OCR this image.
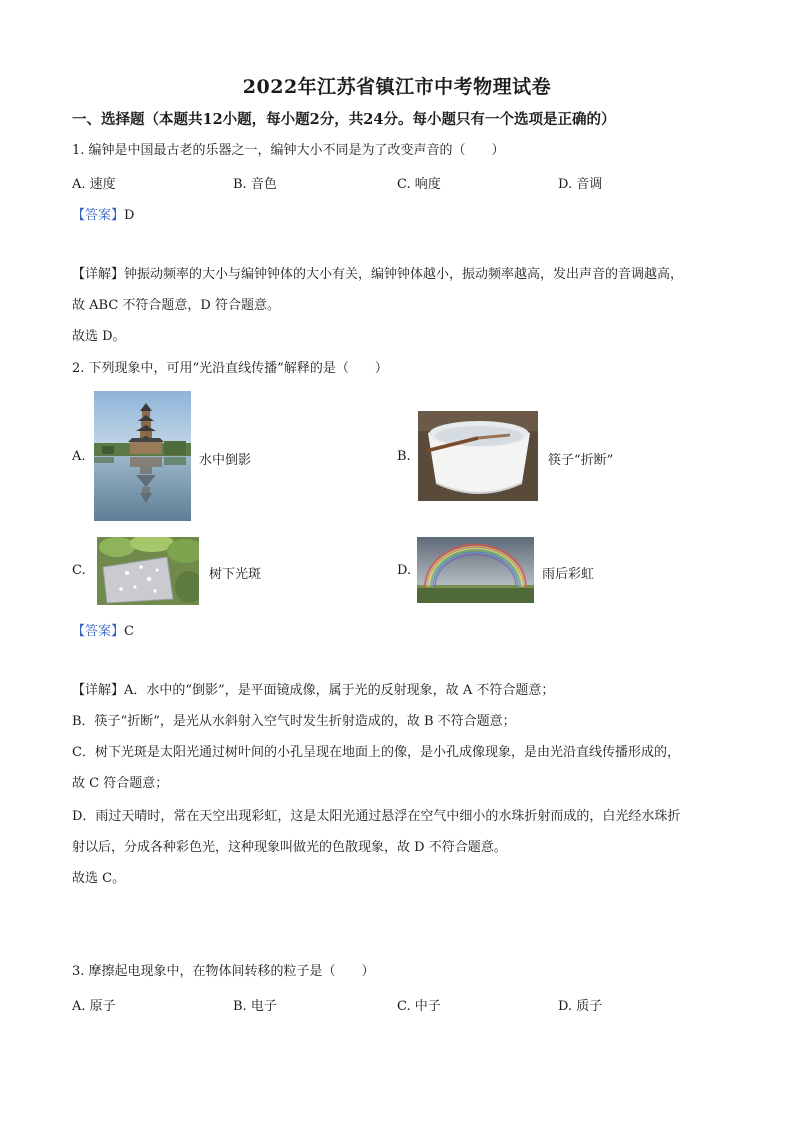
2022年江苏省镇江市中考物理试卷
一、选择题（本题共12小题，每小题2分，共24分。每小题只有一个选项是正确的）
1. 编钟是中国最古老的乐器之一，编钟大小不同是为了改变声音的（　　）
A. 速度	B. 音色	C. 响度	D. 音调
【答案】D
【详解】钟振动频率的大小与编钟钟体的大小有关，编钟钟体越小，振动频率越高，发出声音的音调越高，
故 ABC 不符合题意，D 符合题意。
故选 D。
2. 下列现象中，可用“光沿直线传播”解释的是（　　）
A.	水中倒影	B.	筷子“折断”
C.	树下光斑	D.	雨后彩虹
【答案】C
【详解】A．水中的“倒影”，是平面镜成像，属于光的反射现象，故 A 不符合题意；
B．筷子“折断”，是光从水斜射入空气时发生折射造成的，故 B 不符合题意；
C．树下光斑是太阳光通过树叶间的小孔呈现在地面上的像，是小孔成像现象，是由光沿直线传播形成的，
故 C 符合题意；
D．雨过天晴时，常在天空出现彩虹，这是太阳光通过悬浮在空气中细小的水珠折射而成的，白光经水珠折
射以后，分成各种彩色光，这种现象叫做光的色散现象，故 D 不符合题意。
故选 C。
3. 摩擦起电现象中，在物体间转移的粒子是（　　）
A. 原子	B. 电子	C. 中子	D. 质子
